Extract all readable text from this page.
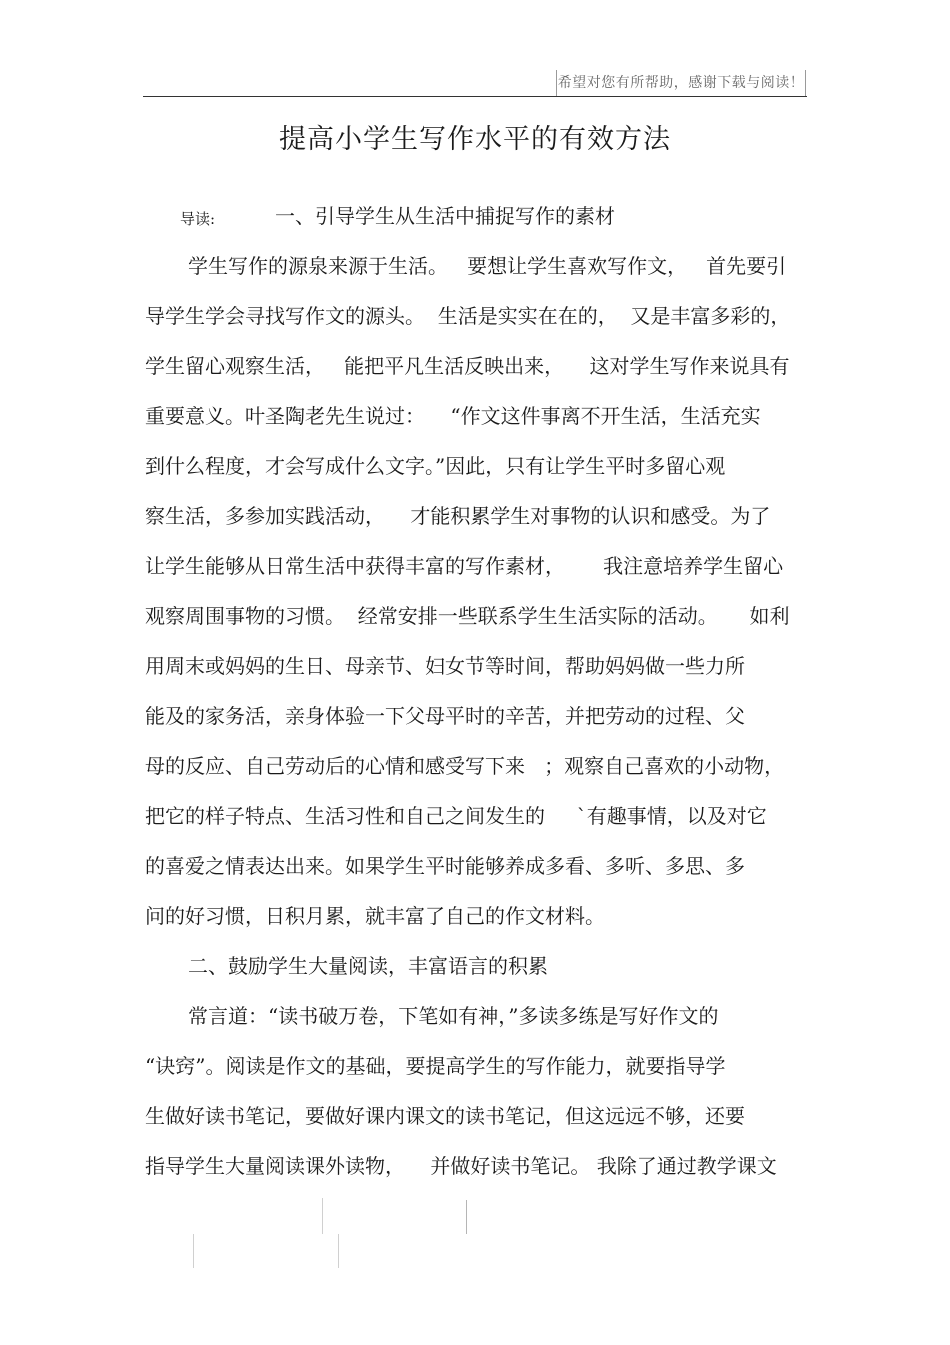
希望对您有所帮助，感谢下载与阅读！
提高小学生写作水平的有效方法
导读:	一、引导学生从生活中捕捉写作的素材
学生写作的源泉来源于生活。   要想让学生喜欢写作文，   首先要引
导学生学会寻找写作文的源头。  生活是实实在在的，  又是丰富多彩的，
学生留心观察生活，   能把平凡生活反映出来，    这对学生写作来说具有
重要意义。叶圣陶老先生说过：    “作文这件事离不开生活，生活充实
到什么程度，才会写成什么文字。”因此，只有让学生平时多留心观
察生活，多参加实践活动，    才能积累学生对事物的认识和感受。为了
让学生能够从日常生活中获得丰富的写作素材，      我注意培养学生留心
观察周围事物的习惯。  经常安排一些联系学生生活实际的活动。     如利
用周末或妈妈的生日、母亲节、妇女节等时间，帮助妈妈做一些力所
能及的家务活，亲身体验一下父母平时的辛苦，并把劳动的过程、父
母的反应、自己劳动后的心情和感受写下来   ；观察自己喜欢的小动物，
把它的样子特点、生活习性和自己之间发生的     `有趣事情，以及对它
的喜爱之情表达出来。如果学生平时能够养成多看、多听、多思、多
问的好习惯，日积月累，就丰富了自己的作文材料。
二、鼓励学生大量阅读，丰富语言的积累
常言道：“读书破万卷，下笔如有神，”多读多练是写好作文的
“诀窍”。阅读是作文的基础，要提高学生的写作能力，就要指导学
生做好读书笔记，要做好课内课文的读书笔记，但这远远不够，还要
指导学生大量阅读课外读物，    并做好读书笔记。 我除了通过教学课文
